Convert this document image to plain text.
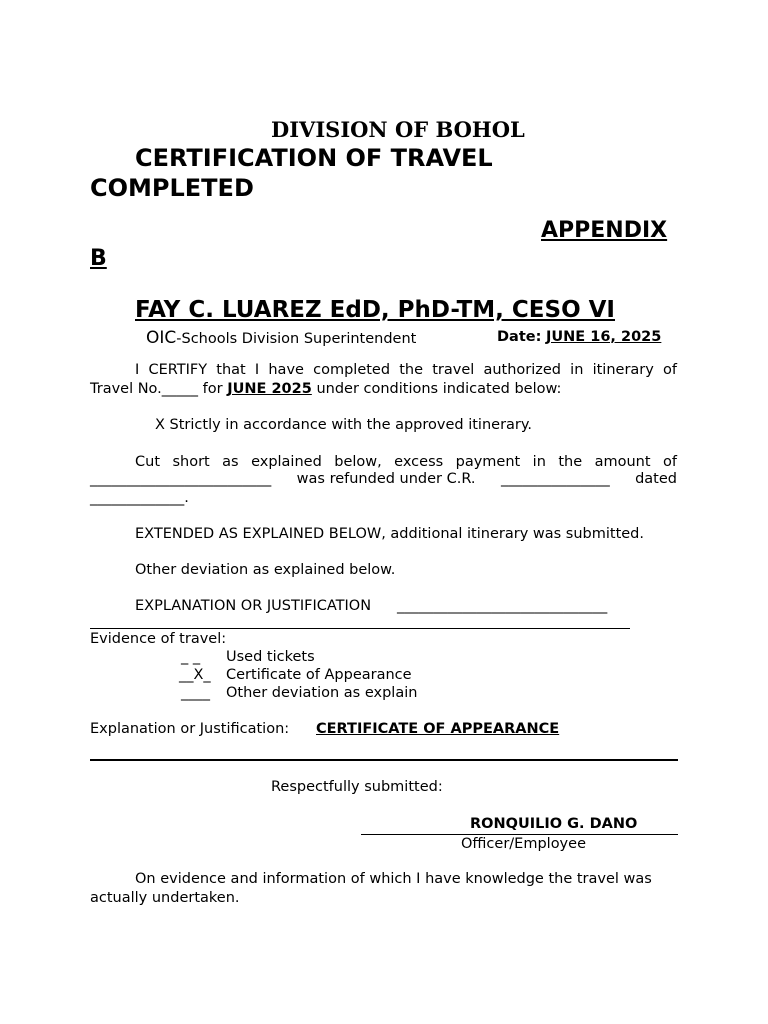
DIVISION OF BOHOL
CERTIFICATION OF TRAVEL
COMPLETED
APPENDIX
B
FAY C. LUAREZ EdD, PhD-TM, CESO VI
OIC-Schools Division Superintendent	Date: JUNE 16, 2025
I CERTIFY that I have completed the travel authorized in itinerary of
Travel No._____ for JUNE 2025 under conditions indicated below:
X Strictly in accordance with the approved itinerary.
Cut short as explained below, excess payment in the amount of
_________________________ was refunded under C.R. _______________ dated
_____________.
EXTENDED AS EXPLAINED BELOW, additional itinerary was submitted.
Other deviation as explained below.
EXPLANATION OR JUSTIFICATION _____________________________
Evidence of travel:
_ _ Used tickets
__X_ Certificate of Appearance
____ Other deviation as explain
Explanation or Justification: CERTIFICATE OF APPEARANCE
Respectfully submitted:
RONQUILIO G. DANO
Officer/Employee
On evidence and information of which I have knowledge the travel was
actually undertaken.
